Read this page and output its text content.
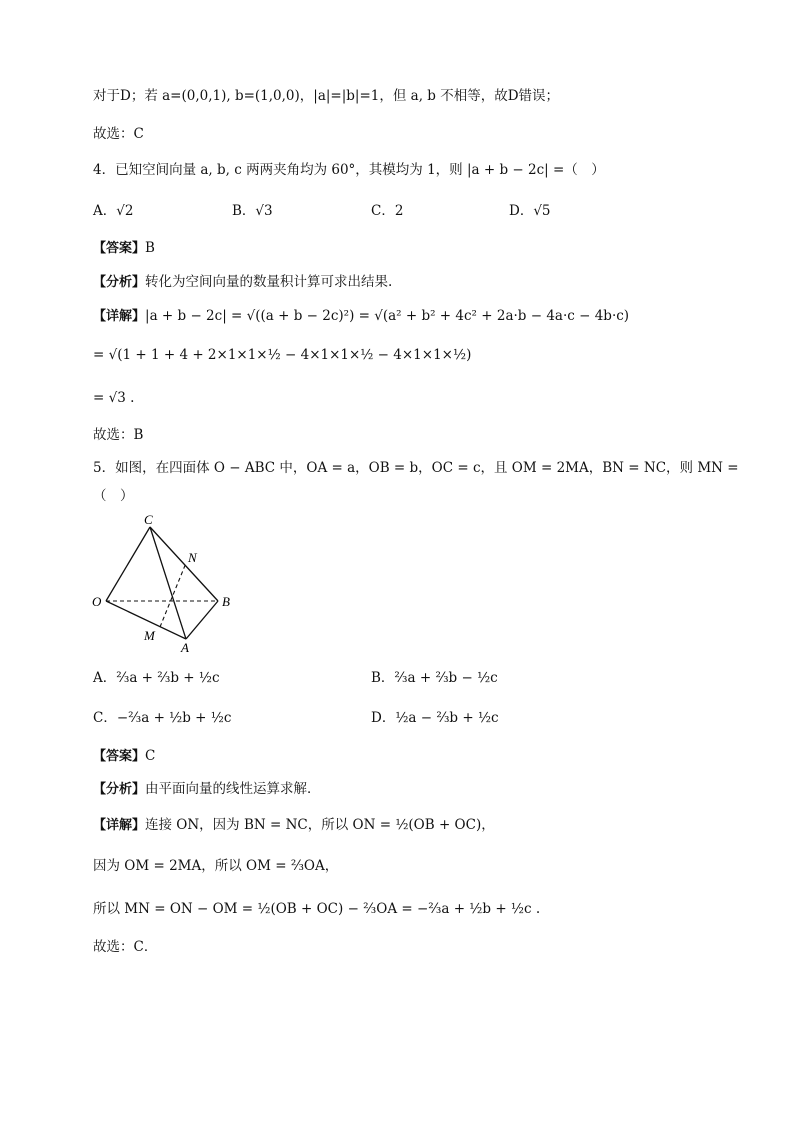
对于D；若 a=(0,0,1), b=(1,0,0)，|a|=|b|=1，但 a, b 不相等，故D错误；
故选：C
4．已知空间向量 a, b, c 两两夹角均为 60°，其模均为 1，则 |a + b − 2c| =（　）
A．√2	B．√3	C．2	D．√5
【答案】B
【分析】转化为空间向量的数量积计算可求出结果.
【详解】|a + b − 2c| = √((a + b − 2c)²) = √(a² + b² + 4c² + 2a·b − 4a·c − 4b·c)
= √(1 + 1 + 4 + 2×1×1×½ − 4×1×1×½ − 4×1×1×½)
= √3 .
故选：B
5．如图，在四面体 O − ABC 中，OA = a，OB = b，OC = c，且 OM = 2MA，BN = NC，则 MN =
（　）
C
N
O	B
M
A
A．⅔a + ⅔b + ½c	B．⅔a + ⅔b − ½c
C．−⅔a + ½b + ½c	D．½a − ⅔b + ½c
【答案】C
【分析】由平面向量的线性运算求解．
【详解】连接 ON，因为 BN = NC，所以 ON = ½(OB + OC)，
因为 OM = 2MA，所以 OM = ⅔OA，
所以 MN = ON − OM = ½(OB + OC) − ⅔OA = −⅔a + ½b + ½c .
故选：C．
